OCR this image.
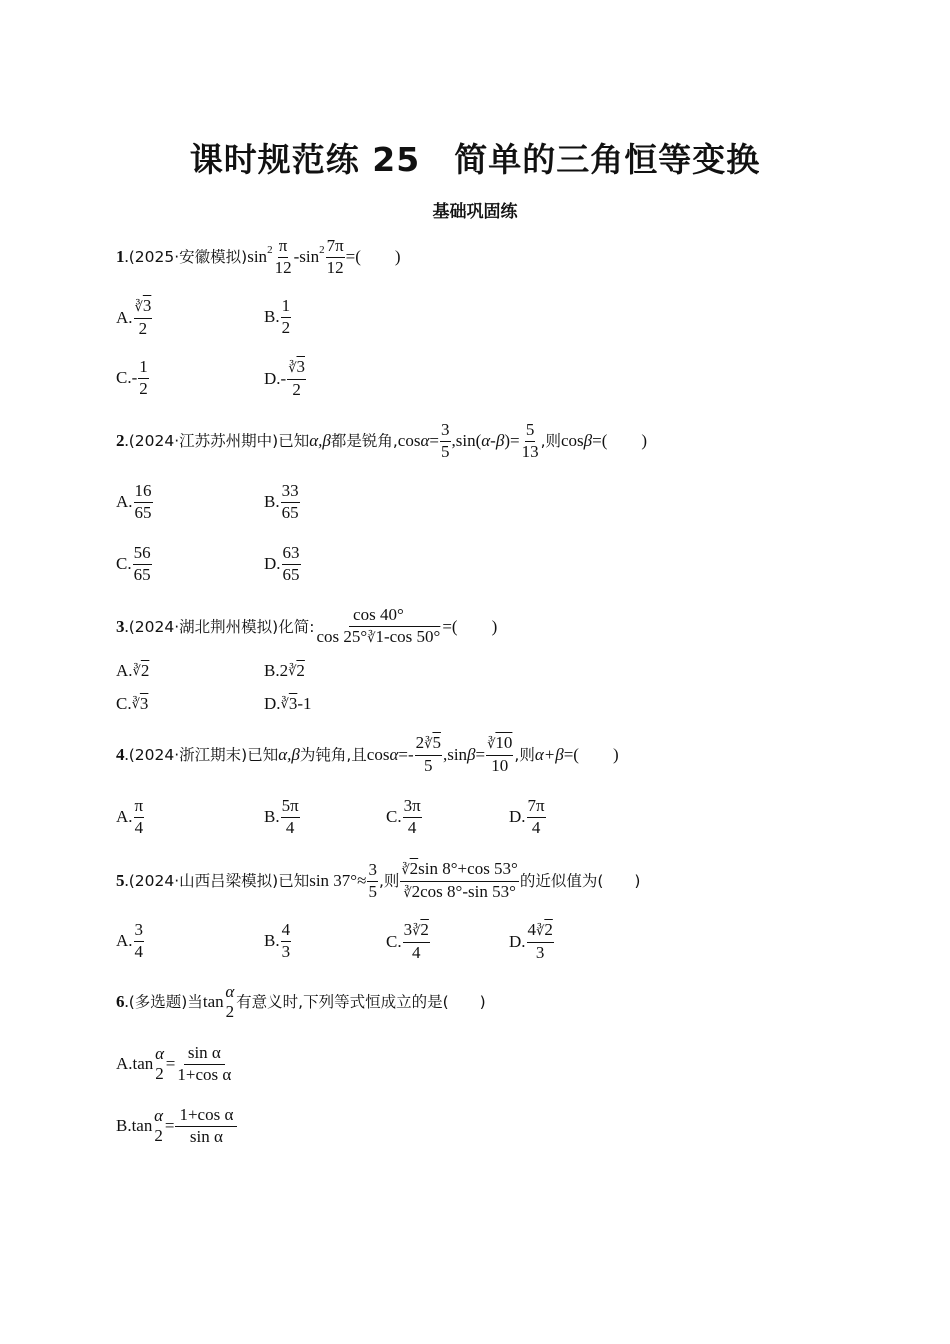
课时规范练 25　简单的三角恒等变换
基础巩固练
1 . (2025·安徽模拟) $\sin 2 \frac{\pi}{12}$ - $\sin 2 \frac{7\pi}{12}$ =(　　)
A. $\frac{∛3}{2}$	B. $\frac{1}{2}$
$C.- \frac{1}{2}$	$D.- \frac{∛3}{2}$
2 . (2024·江苏苏州期中)已知 α,β 都是锐角, $\cos \alpha = \frac{3}{5} ,\sin$( α-β )= $\frac{5}{13}$ ,则 cos β =(　　)
A. $\frac{16}{65}$	B. $\frac{33}{65}$
C. $\frac{56}{65}$	D. $\frac{63}{65}$
3 . (2024·湖北荆州模拟)化简: $\frac{\cos 40^\circ}{\cos 25^\circ∛1-\cos 50^\circ}$ =(　　)
A. ∛ 2	B.2 ∛ 2
C. ∛ 3	D. ∛ 3 -1
4 . (2024·浙江期末)已知 α,β 为钝角,且 $\cos \alpha =- \frac{2∛5}{5} ,\sin$ $\beta = \frac{∛10}{10}$ ,则 α+β =(　　)
A. $\frac{\pi}{4}$	B. $\frac{5\pi}{4}$	C. $\frac{3\pi}{4}$	D. $\frac{7\pi}{4}$
5 . (2024·山西吕梁模拟)已知 $\sin 37^\circ\approx \frac{3}{5}$ ,则 $\frac{∛2\sin 8^\circ+\cos 53^\circ}{∛2\cos 8^\circ-\sin 53^\circ}$ 的近似值为(　　)
A. $\frac{3}{4}$	B. $\frac{4}{3}$	C. $\frac{3∛2}{4}$	D. $\frac{4∛2}{3}$
6 . (多选题)当 tan
α
2 有意义时,下列等式恒成立的是(　　)
A.tan
α
2
= $\frac{\text{sin α}}{\text{1+cos α}}$
B.tan
α
2
= $\frac{\text{1+cos α}}{\text{sin α}}$
